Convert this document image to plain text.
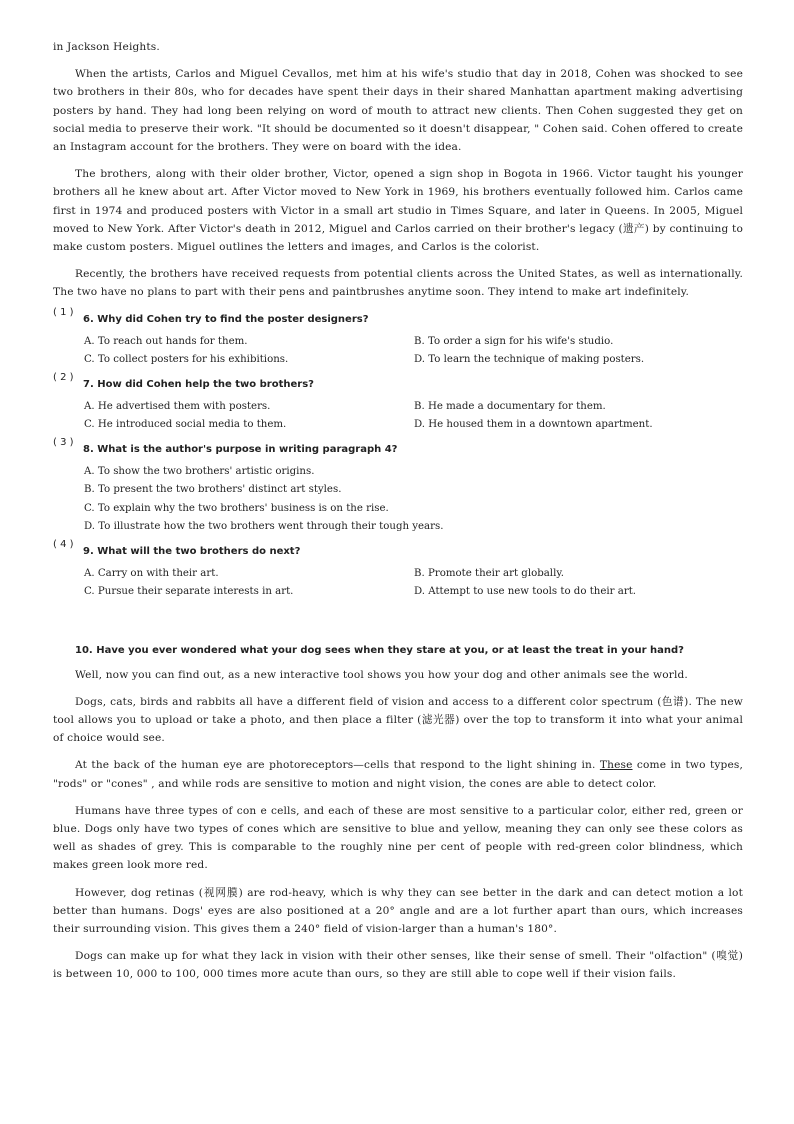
in Jackson Heights.

When the artists, Carlos and Miguel Cevallos, met him at his wife's studio that day in 2018, Cohen was shocked to see two brothers in their 80s, who for decades have spent their days in their shared Manhattan apartment making advertising posters by hand. They had long been relying on word of mouth to attract new clients. Then Cohen suggested they get on social media to preserve their work. "It should be documented so it doesn't disappear, " Cohen said. Cohen offered to create an Instagram account for the brothers. They were on board with the idea.

The brothers, along with their older brother, Victor, opened a sign shop in Bogota in 1966. Victor taught his younger brothers all he knew about art. After Victor moved to New York in 1969, his brothers eventually followed him. Carlos came first in 1974 and produced posters with Victor in a small art studio in Times Square, and later in Queens. In 2005, Miguel moved to New York. After Victor's death in 2012, Miguel and Carlos carried on their brother's legacy (遗产) by continuing to make custom posters. Miguel outlines the letters and images, and Carlos is the colorist.

Recently, the brothers have received requests from potential clients across the United States, as well as internationally. The two have no plans to part with their pens and paintbrushes anytime soon. They intend to make art indefinitely.

( 1 )
6. Why did Cohen try to find the poster designers?
A. To reach out hands for them.	B. To order a sign for his wife's studio.
C. To collect posters for his exhibitions.	D. To learn the technique of making posters.
( 2 )
7. How did Cohen help the two brothers?
A. He advertised them with posters.	B. He made a documentary for them.
C. He introduced social media to them.	D. He housed them in a downtown apartment.
( 3 )
8. What is the author's purpose in writing paragraph 4?
A. To show the two brothers' artistic origins.
B. To present the two brothers' distinct art styles.
C. To explain why the two brothers' business is on the rise.
D. To illustrate how the two brothers went through their tough years.
( 4 )
9. What will the two brothers do next?
A. Carry on with their art.	B. Promote their art globally.
C. Pursue their separate interests in art.	D. Attempt to use new tools to do their art.
10. Have you ever wondered what your dog sees when they stare at you, or at least the treat in your hand?

Well, now you can find out, as a new interactive tool shows you how your dog and other animals see the world.

Dogs, cats, birds and rabbits all have a different field of vision and access to a different color spectrum (色谱). The new tool allows you to upload or take a photo, and then place a filter (滤光器) over the top to transform it into what your animal of choice would see.

At the back of the human eye are photoreceptors—cells that respond to the light shining in. These come in two types, "rods" or "cones" , and while rods are sensitive to motion and night vision, the cones are able to detect color.

Humans have three types of con e cells, and each of these are most sensitive to a particular color, either red, green or blue. Dogs only have two types of cones which are sensitive to blue and yellow, meaning they can only see these colors as well as shades of grey. This is comparable to the roughly nine per cent of people with red-green color blindness, which makes green look more red.

However, dog retinas (视网膜) are rod-heavy, which is why they can see better in the dark and can detect motion a lot better than humans. Dogs' eyes are also positioned at a 20° angle and are a lot further apart than ours, which increases their surrounding vision. This gives them a 240° field of vision-larger than a human's 180°.

Dogs can make up for what they lack in vision with their other senses, like their sense of smell. Their "olfaction" (嗅觉) is between 10, 000 to 100, 000 times more acute than ours, so they are still able to cope well if their vision fails.
